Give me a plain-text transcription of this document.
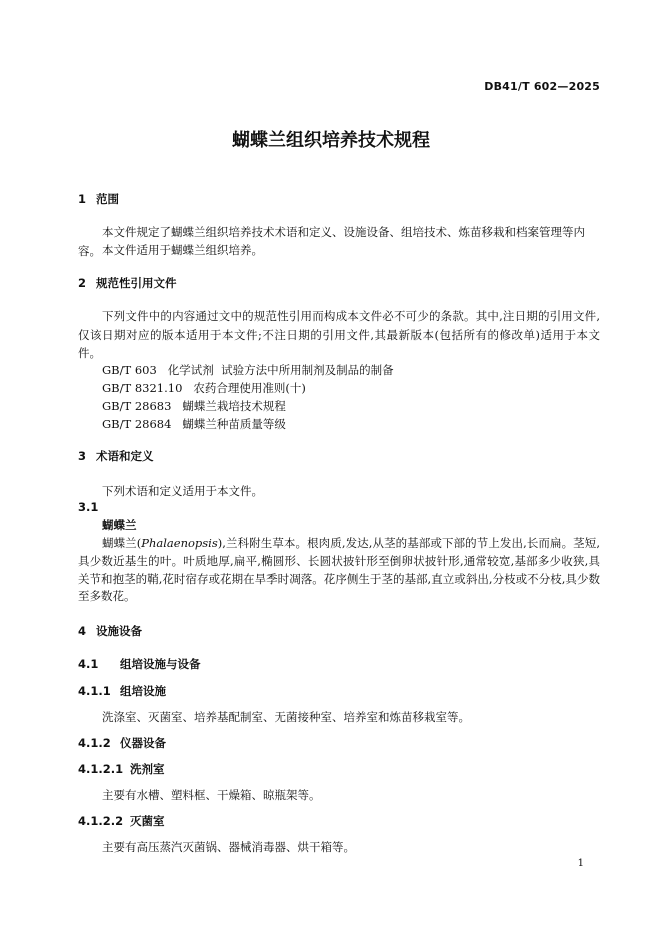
DB41/T 602—2025
蝴蝶兰组织培养技术规程
1 范围
本文件规定了蝴蝶兰组织培养技术术语和定义、设施设备、组培技术、炼苗移栽和档案管理等内容。 本文件适用于蝴蝶兰组织培养。
2 规范性引用文件
下列文件中的内容通过文中的规范性引用而构成本文件必不可少的条款。其中,注日期的引用文件,仅该日期对应的版本适用于本文件;不注日期的引用文件,其最新版本(包括所有的修改单)适用于本文件。
GB/T 603 化学试剂  试验方法中所用制剂及制品的制备
GB/T 8321.10 农药合理使用准则(十)
GB/T 28683 蝴蝶兰栽培技术规程
GB/T 28684 蝴蝶兰种苗质量等级
3 术语和定义
下列术语和定义适用于本文件。
3.1
蝴蝶兰
蝴蝶兰(Phalaenopsis),兰科附生草本。根肉质,发达,从茎的基部或下部的节上发出,长而扁。茎短,具少数近基生的叶。叶质地厚,扁平,椭圆形、长圆状披针形至倒卵状披针形,通常较宽,基部多少收狭,具关节和抱茎的鞘,花时宿存或花期在旱季时凋落。花序侧生于茎的基部,直立或斜出,分枝或不分枝,具少数至多数花。
4 设施设备
4.1 组培设施与设备
4.1.1 组培设施
洗涤室、灭菌室、培养基配制室、无菌接种室、培养室和炼苗移栽室等。
4.1.2 仪器设备
4.1.2.1 洗剂室
主要有水槽、塑料框、干燥箱、晾瓶架等。
4.1.2.2 灭菌室
主要有高压蒸汽灭菌锅、器械消毒器、烘干箱等。
1
